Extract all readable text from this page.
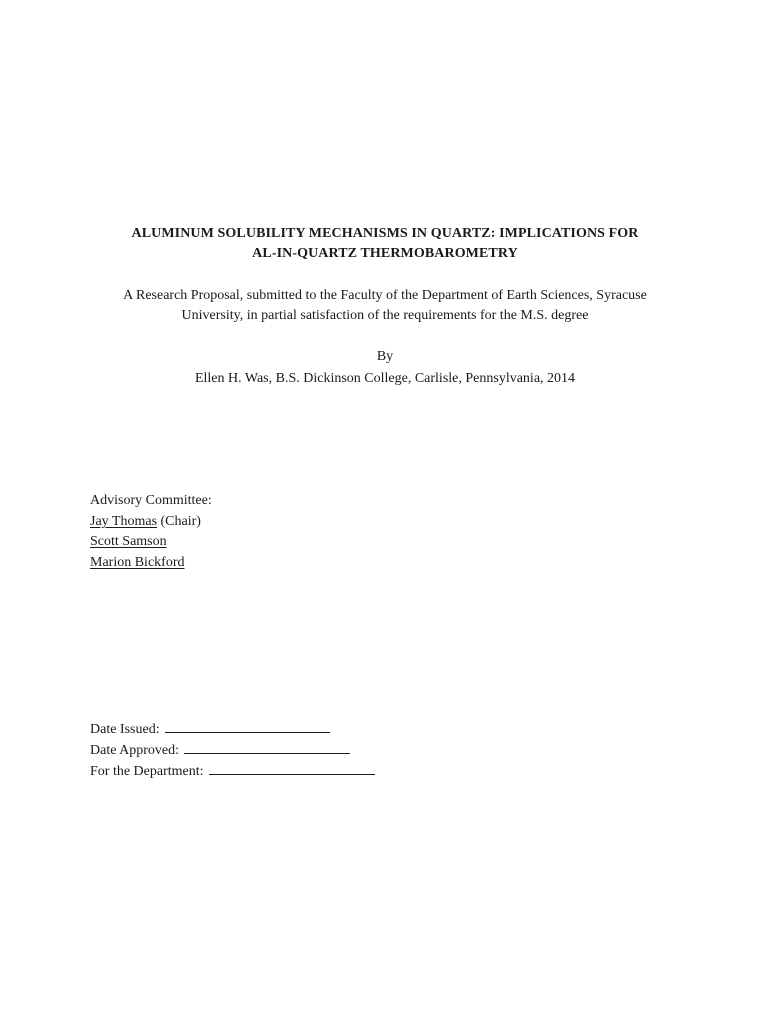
ALUMINUM SOLUBILITY MECHANISMS IN QUARTZ: IMPLICATIONS FOR
AL-IN-QUARTZ THERMOBAROMETRY
A Research Proposal, submitted to the Faculty of the Department of Earth Sciences, Syracuse
University, in partial satisfaction of the requirements for the M.S. degree
By
Ellen H. Was, B.S. Dickinson College, Carlisle, Pennsylvania, 2014
Advisory Committee:
Jay Thomas (Chair)
Scott Samson
Marion Bickford
Date Issued:
Date Approved:
For the Department:
